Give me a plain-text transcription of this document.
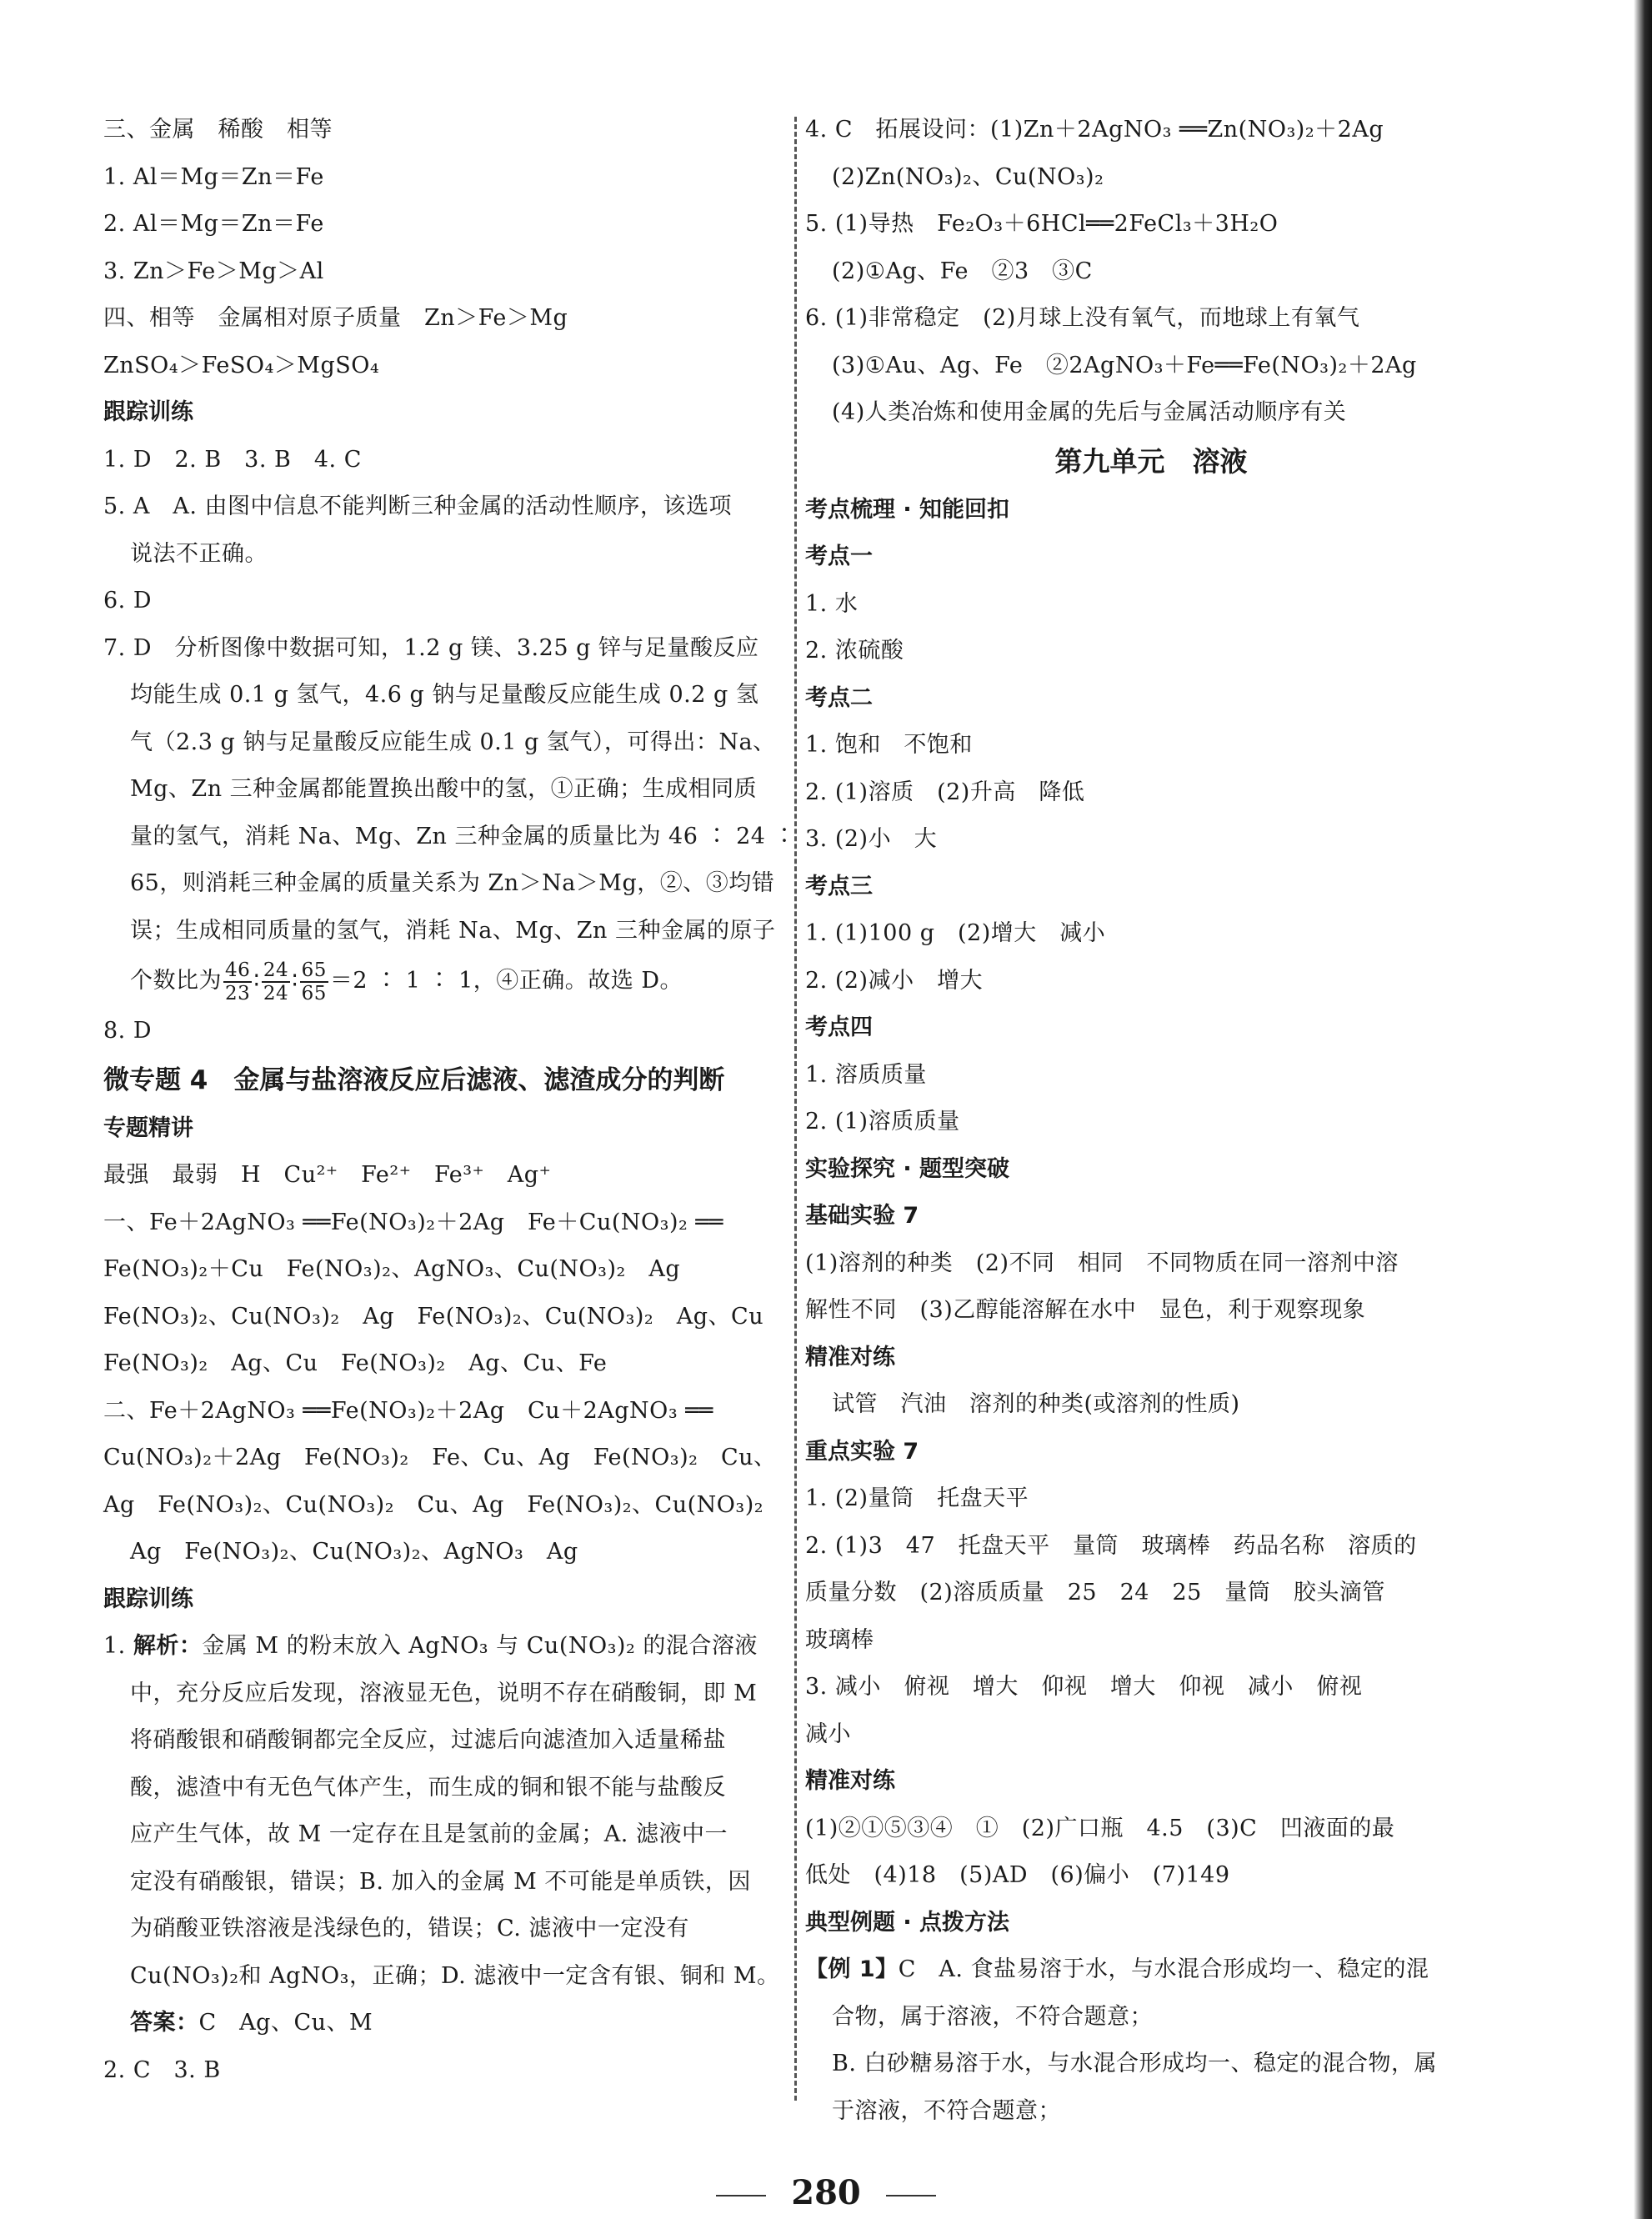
三、金属　稀酸　相等
1. Al＝Mg＝Zn＝Fe
2. Al＝Mg＝Zn＝Fe
3. Zn＞Fe＞Mg＞Al
四、相等　金属相对原子质量　Zn＞Fe＞Mg
ZnSO₄＞FeSO₄＞MgSO₄
跟踪训练
1. D　2. B　3. B　4. C
5. A　A. 由图中信息不能判断三种金属的活动性顺序，该选项
说法不正确。
6. D
7. D　分析图像中数据可知，1.2 g 镁、3.25 g 锌与足量酸反应
均能生成 0.1 g 氢气，4.6 g 钠与足量酸反应能生成 0.2 g 氢
气（2.3 g 钠与足量酸反应能生成 0.1 g 氢气），可得出：Na、
Mg、Zn 三种金属都能置换出酸中的氢，①正确；生成相同质
量的氢气，消耗 Na、Mg、Zn 三种金属的质量比为 46 ∶ 24 ∶
65，则消耗三种金属的质量关系为 Zn＞Na＞Mg，②、③均错
误；生成相同质量的氢气，消耗 Na、Mg、Zn 三种金属的原子
个数比为 $\frac{46}{23}$ ∶ $\frac{24}{24}$ ∶ $\frac{65}{65} =2$ ∶ 1 ∶ 1，④正确。故选 D。
8. D
微专题 4　金属与盐溶液反应后滤液、滤渣成分的判断
专题精讲
最强　最弱　H　Cu²⁺　Fe²⁺　Fe³⁺　Ag⁺
一、Fe＋2AgNO₃ ══Fe(NO₃)₂＋2Ag　Fe＋Cu(NO₃)₂ ══
Fe(NO₃)₂＋Cu　Fe(NO₃)₂、AgNO₃、Cu(NO₃)₂　Ag
Fe(NO₃)₂、Cu(NO₃)₂　Ag　Fe(NO₃)₂、Cu(NO₃)₂　Ag、Cu
Fe(NO₃)₂　Ag、Cu　Fe(NO₃)₂　Ag、Cu、Fe
二、Fe＋2AgNO₃ ══Fe(NO₃)₂＋2Ag　Cu＋2AgNO₃ ══
Cu(NO₃)₂＋2Ag　Fe(NO₃)₂　Fe、Cu、Ag　Fe(NO₃)₂　Cu、
Ag　Fe(NO₃)₂、Cu(NO₃)₂　Cu、Ag　Fe(NO₃)₂、Cu(NO₃)₂
Ag　Fe(NO₃)₂、Cu(NO₃)₂、AgNO₃　Ag
跟踪训练
1. 解析：金属 M 的粉末放入 AgNO₃ 与 Cu(NO₃)₂ 的混合溶液
中，充分反应后发现，溶液显无色，说明不存在硝酸铜，即 M
将硝酸银和硝酸铜都完全反应，过滤后向滤渣加入适量稀盐
酸，滤渣中有无色气体产生，而生成的铜和银不能与盐酸反
应产生气体，故 M 一定存在且是氢前的金属；A. 滤液中一
定没有硝酸银，错误；B. 加入的金属 M 不可能是单质铁，因
为硝酸亚铁溶液是浅绿色的，错误；C. 滤液中一定没有
Cu(NO₃)₂和 AgNO₃，正确；D. 滤液中一定含有银、铜和 M。
答案：C　Ag、Cu、M
2. C　3. B
4. C　拓展设问：(1)Zn＋2AgNO₃ ══Zn(NO₃)₂＋2Ag
(2)Zn(NO₃)₂、Cu(NO₃)₂
5. (1)导热　Fe₂O₃＋6HCl══2FeCl₃＋3H₂O
(2)①Ag、Fe　②3　③C
6. (1)非常稳定　(2)月球上没有氧气，而地球上有氧气
(3)①Au、Ag、Fe　②2AgNO₃＋Fe══Fe(NO₃)₂＋2Ag
(4)人类冶炼和使用金属的先后与金属活动顺序有关
第九单元　溶液
考点梳理 · 知能回扣
考点一
1. 水
2. 浓硫酸
考点二
1. 饱和　不饱和
2. (1)溶质　(2)升高　降低
3. (2)小　大
考点三
1. (1)100 g　(2)增大　减小
2. (2)减小　增大
考点四
1. 溶质质量
2. (1)溶质质量
实验探究 · 题型突破
基础实验 7
(1)溶剂的种类　(2)不同　相同　不同物质在同一溶剂中溶
解性不同　(3)乙醇能溶解在水中　显色，利于观察现象
精准对练
试管　汽油　溶剂的种类(或溶剂的性质)
重点实验 7
1. (2)量筒　托盘天平
2. (1)3　47　托盘天平　量筒　玻璃棒　药品名称　溶质的
质量分数　(2)溶质质量　25　24　25　量筒　胶头滴管
玻璃棒
3. 减小　俯视　增大　仰视　增大　仰视　减小　俯视
减小
精准对练
(1)②①⑤③④　①　(2)广口瓶　4.5　(3)C　凹液面的最
低处　(4)18　(5)AD　(6)偏小　(7)149
典型例题 · 点拨方法
【例 1】C　A. 食盐易溶于水，与水混合形成均一、稳定的混
合物，属于溶液，不符合题意；
B. 白砂糖易溶于水，与水混合形成均一、稳定的混合物，属
于溶液，不符合题意；
280
